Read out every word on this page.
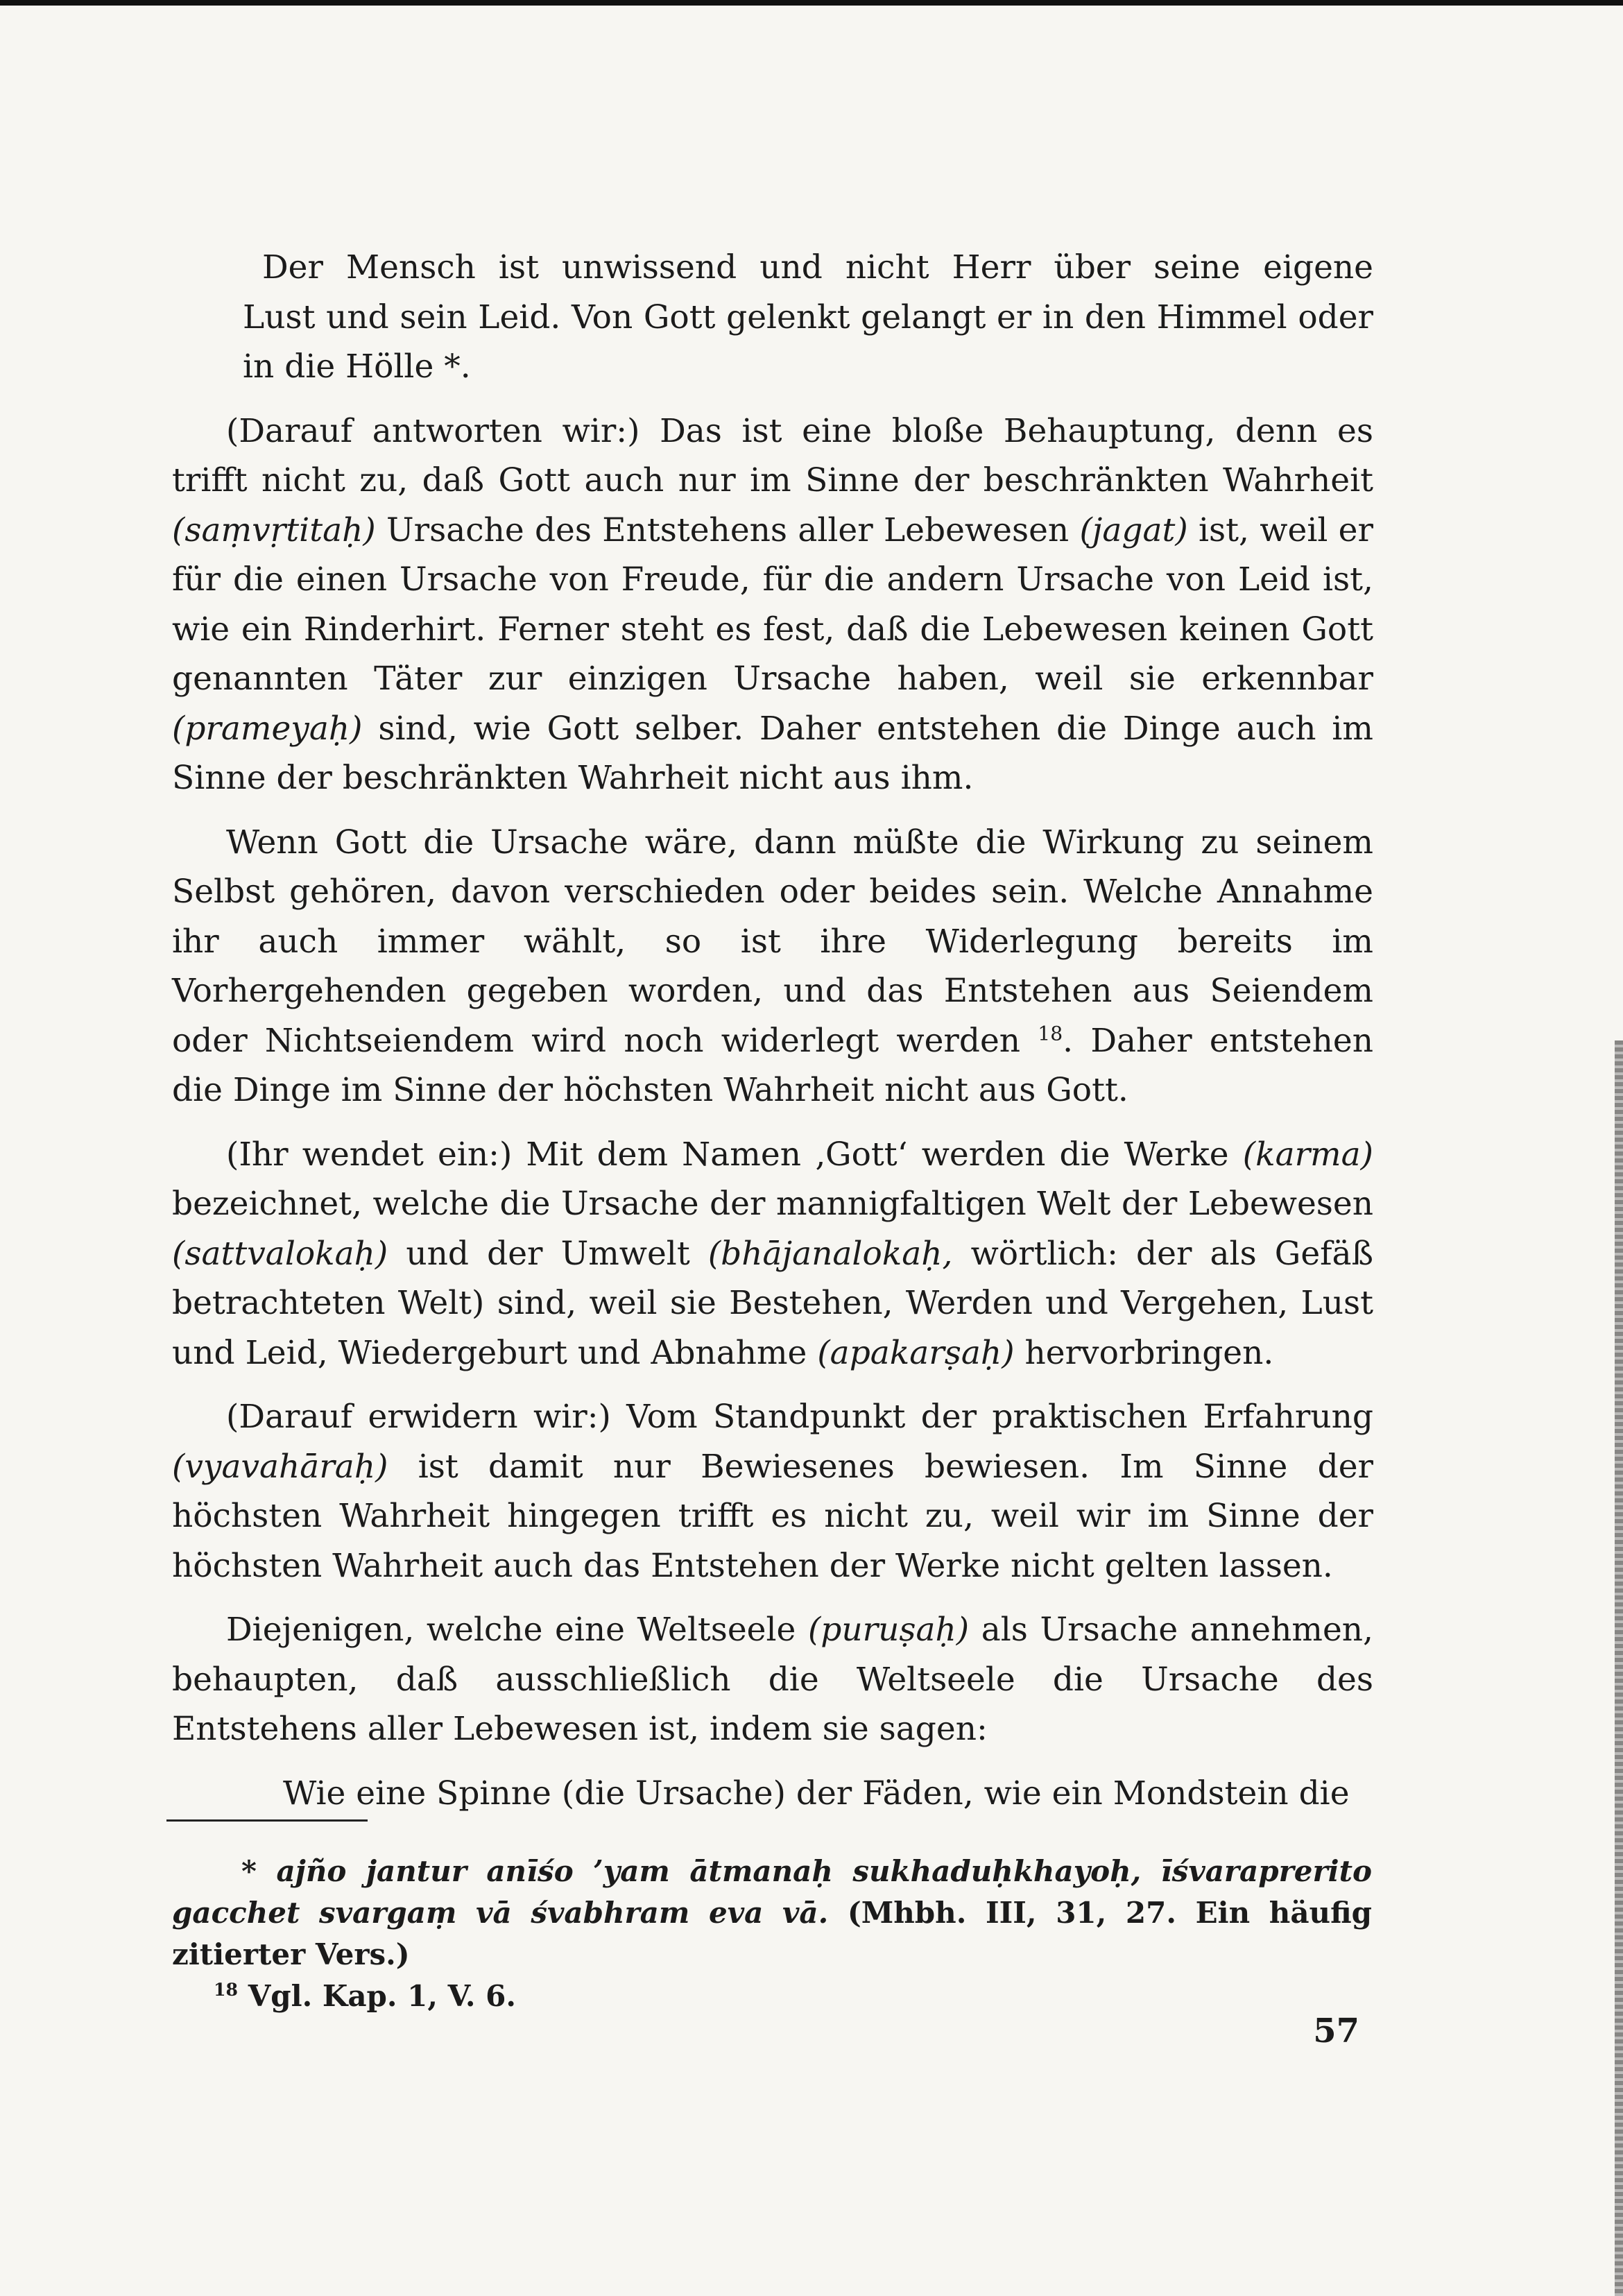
Der Mensch ist unwissend und nicht Herr über seine eigene

Lust und sein Leid. Von Gott gelenkt gelangt er in den Himmel oder in die Hölle *.

(Darauf antworten wir:) Das ist eine bloße Behauptung, denn es trifft nicht zu, daß Gott auch nur im Sinne der beschränkten Wahrheit (saṃvṛtitaḥ) Ursache des Entstehens aller Lebewesen (jagat) ist, weil er für die einen Ursache von Freude, für die andern Ursache von Leid ist, wie ein Rinderhirt. Ferner steht es fest, daß die Lebewesen keinen Gott genannten Täter zur einzigen Ursache haben, weil sie erkennbar (prameyaḥ) sind, wie Gott selber. Daher entstehen die Dinge auch im Sinne der beschränkten Wahrheit nicht aus ihm.

Wenn Gott die Ursache wäre, dann müßte die Wirkung zu seinem Selbst gehören, davon verschieden oder beides sein. Welche Annahme ihr auch immer wählt, so ist ihre Widerlegung bereits im Vorhergehenden gegeben worden, und das Entstehen aus Seiendem oder Nichtseiendem wird noch widerlegt werden $^{18}$. Daher entstehen die Dinge im Sinne der höchsten Wahrheit nicht aus Gott.

(Ihr wendet ein:) Mit dem Namen ‚Gott‘ werden die Werke (karma) bezeichnet, welche die Ursache der mannigfaltigen Welt der Lebewesen (sattvalokaḥ) und der Umwelt (bhājanalokaḥ, wörtlich: der als Gefäß betrachteten Welt) sind, weil sie Bestehen, Werden und Vergehen, Lust und Leid, Wiedergeburt und Abnahme (apakarṣaḥ) hervorbringen.

(Darauf erwidern wir:) Vom Standpunkt der praktischen Erfahrung (vyavahāraḥ) ist damit nur Bewiesenes bewiesen. Im Sinne der höchsten Wahrheit hingegen trifft es nicht zu, weil wir im Sinne der höchsten Wahrheit auch das Entstehen der Werke nicht gelten lassen.

Diejenigen, welche eine Weltseele (puruṣaḥ) als Ursache annehmen, behaupten, daß ausschließlich die Weltseele die Ursache des Entstehens aller Lebewesen ist, indem sie sagen:

Wie eine Spinne (die Ursache) der Fäden, wie ein Mondstein die

* ajño jantur anīśo ’yam ātmanaḥ sukhaduḥkhayoḥ, īśvaraprerito gacchet svargaṃ vā śvabhram eva vā. (Mhbh. III, 31, 27. Ein häufig zitierter Vers.)

$^{18}$ Vgl. Kap. 1, V. 6.

57
